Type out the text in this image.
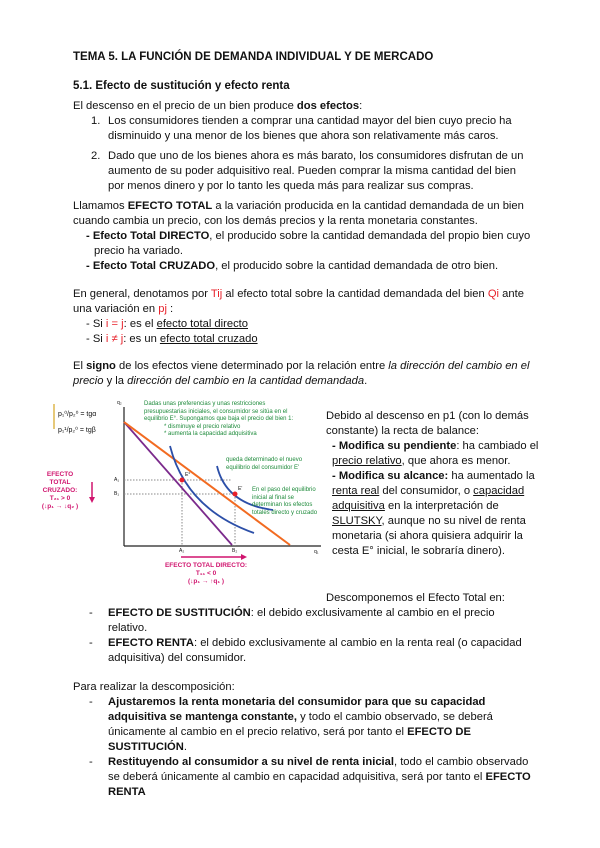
TEMA 5. LA FUNCIÓN DE DEMANDA INDIVIDUAL Y DE MERCADO
5.1. Efecto de sustitución y efecto renta
El descenso en el precio de un bien produce dos efectos:
1. Los consumidores tienden a comprar una cantidad mayor del bien cuyo precio ha disminuido y una menor de los bienes que ahora son relativamente más caros.
2. Dado que uno de los bienes ahora es más barato, los consumidores disfrutan de un aumento de su poder adquisitivo real. Pueden comprar la misma cantidad del bien por menos dinero y por lo tanto les queda más para realizar sus compras.
Llamamos EFECTO TOTAL a la variación producida en la cantidad demandada de un bien cuando cambia un precio, con los demás precios y la renta monetaria constantes.
- Efecto Total DIRECTO, el producido sobre la cantidad demandada del propio bien cuyo precio ha variado.
- Efecto Total CRUZADO, el producido sobre la cantidad demandada de otro bien.
En general, denotamos por Tij al efecto total sobre la cantidad demandada del bien Qi ante una variación en pj :
- Si i = j: es el efecto total directo
- Si i ≠ j: es un efecto total cruzado
El signo de los efectos viene determinado por la relación entre la dirección del cambio en el precio y la dirección del cambio en la cantidad demandada.
p₁⁰/p₂⁰ = tgα
p₁¹/p₂⁰ = tgβ
EFECTO TOTAL CRUZADO:
T₂₁ > 0
(↓p₁ → ↓q₂ )
EFECTO TOTAL DIRECTO:
T₁₁ < 0
(↓p₁ → ↑q₁ )
Dadas unas preferencias y unas restricciones presupuestarias iniciales, el consumidor se sitúa en el equilibrio E°. Supongamos que baja el precio del bien 1:
* disminuye el precio relativo
* aumenta la capacidad adquisitiva
queda determinado el nuevo equilibrio del consumidor E'
En el paso del equilibrio inicial al final se determinan los efectos totales directo y cruzado
q₂
q₁
A₁
B₁
A₂	B₂
E°
E'
Debido al descenso en p1 (con lo demás constante) la recta de balance:
- Modifica su pendiente: ha cambiado el precio relativo, que ahora es menor.
- Modifica su alcance: ha aumentado la renta real del consumidor, o capacidad adquisitiva en la interpretación de SLUTSKY, aunque no su nivel de renta monetaria (si ahora quisiera adquirir la cesta E° inicial, le sobraría dinero).
Descomponemos el Efecto Total en:
-	EFECTO DE SUSTITUCIÓN: el debido exclusivamente al cambio en el precio relativo.
-	EFECTO RENTA: el debido exclusivamente al cambio en la renta real (o capacidad adquisitiva) del consumidor.
Para realizar la descomposición:
-	Ajustaremos la renta monetaria del consumidor para que su capacidad adquisitiva se mantenga constante, y todo el cambio observado, se deberá únicamente al cambio en el precio relativo, será por tanto el EFECTO DE SUSTITUCIÓN.
-	Restituyendo al consumidor a su nivel de renta inicial, todo el cambio observado se deberá únicamente al cambio en capacidad adquisitiva, será por tanto el EFECTO RENTA
